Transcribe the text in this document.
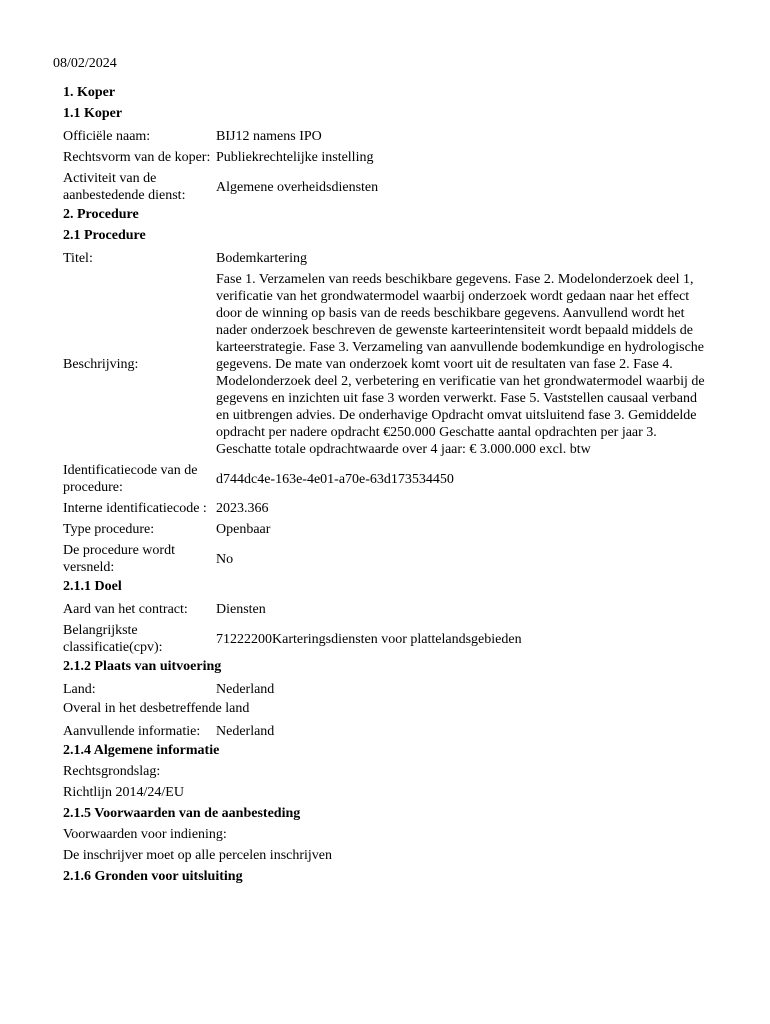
08/02/2024
1. Koper
1.1 Koper
Officiële naam:	BIJ12 namens IPO
Rechtsvorm van de koper: Publiekrechtelijke instelling
Activiteit van de aanbestedende dienst:
Algemene overheidsdiensten
2. Procedure
2.1 Procedure
Titel:	Bodemkartering
Beschrijving:
Fase 1. Verzamelen van reeds beschikbare gegevens. Fase 2. Modelonderzoek deel 1, verificatie van het grondwatermodel waarbij onderzoek wordt gedaan naar het effect door de winning op basis van de reeds beschikbare gegevens. Aanvullend wordt het nader onderzoek beschreven de gewenste karteerintensiteit wordt bepaald middels de karteerstrategie. Fase 3. Verzameling van aanvullende bodemkundige en hydrologische gegevens. De mate van onderzoek komt voort uit de resultaten van fase 2. Fase 4. Modelonderzoek deel 2, verbetering en verificatie van het grondwatermodel waarbij de gegevens en inzichten uit fase 3 worden verwerkt. Fase 5. Vaststellen causaal verband en uitbrengen advies. De onderhavige Opdracht omvat uitsluitend fase 3. Gemiddelde opdracht per nadere opdracht €250.000 Geschatte aantal opdrachten per jaar 3. Geschatte totale opdrachtwaarde over 4 jaar: € 3.000.000 excl. btw
Identificatiecode van de procedure:
d744dc4e-163e-4e01-a70e-63d173534450
Interne identificatiecode : 2023.366
Type procedure:	Openbaar
De procedure wordt versneld:
No
2.1.1 Doel
Aard van het contract:	Diensten
Belangrijkste classificatie(cpv):
71222200Karteringsdiensten voor plattelandsgebieden
2.1.2 Plaats van uitvoering
Land:	Nederland
Overal in het desbetreffende land
Aanvullende informatie:	Nederland
2.1.4 Algemene informatie
Rechtsgrondslag:
Richtlijn 2014/24/EU
2.1.5 Voorwaarden van de aanbesteding
Voorwaarden voor indiening:
De inschrijver moet op alle percelen inschrijven
2.1.6 Gronden voor uitsluiting
